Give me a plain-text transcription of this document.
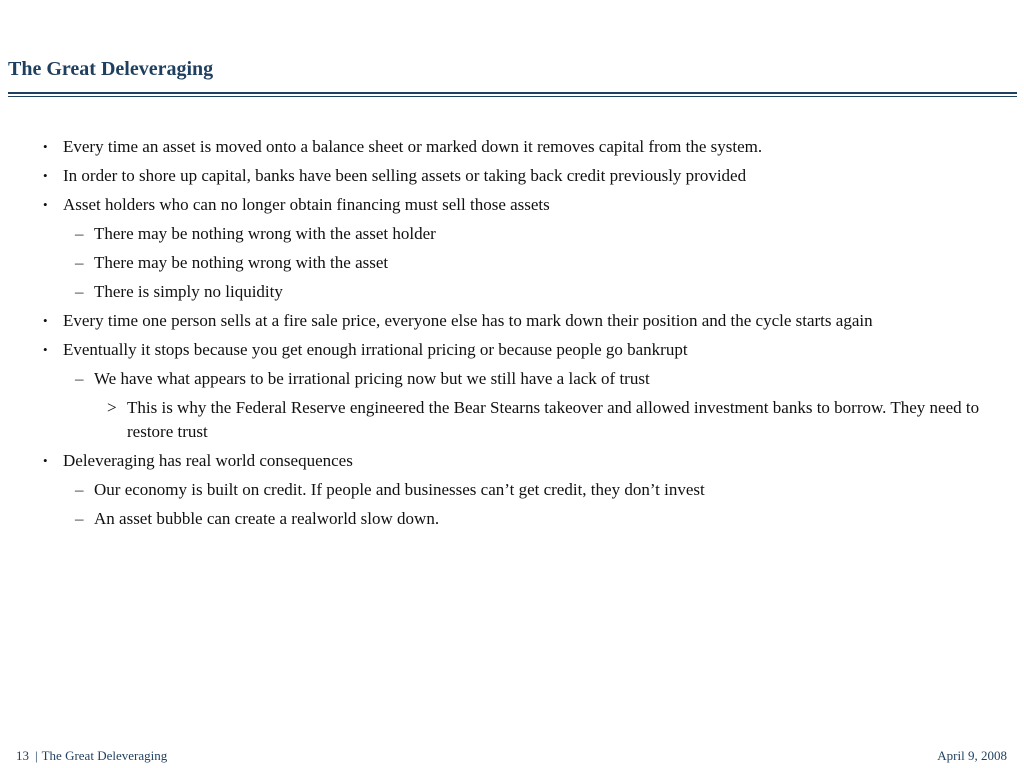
The Great Deleveraging
• Every time an asset is moved onto a balance sheet or marked down it removes capital from the system.
• In order to shore up capital, banks have been selling assets or taking back credit previously provided
• Asset holders who can no longer obtain financing must sell those assets
– There may be nothing wrong with the asset holder
– There may be nothing wrong with the asset
– There is simply no liquidity
• Every time one person sells at a fire sale price, everyone else has to mark down their position and the cycle starts again
• Eventually it stops because you get enough irrational pricing or because people go bankrupt
– We have what appears to be irrational pricing now but we still have a lack of trust
> This is why the Federal Reserve engineered the Bear Stearns takeover and allowed investment banks to borrow. They need to restore trust
• Deleveraging has real world consequences
– Our economy is built on credit. If people and businesses can’t get credit, they don’t invest
– An asset bubble can create a realworld slow down.
13 | The Great Deleveraging	April 9, 2008
